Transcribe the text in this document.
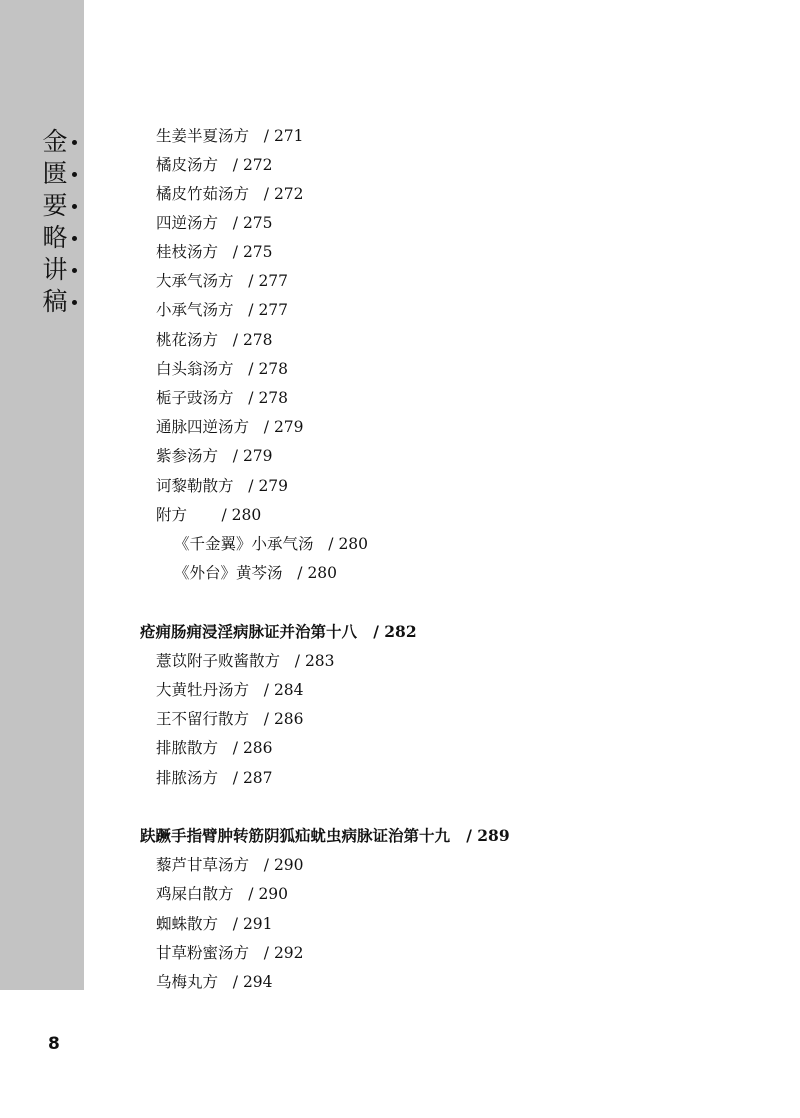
金
匮
要
略
讲
稿
生姜半夏汤方 / 271
橘皮汤方 / 272
橘皮竹茹汤方 / 272
四逆汤方 / 275
桂枝汤方 / 275
大承气汤方 / 277
小承气汤方 / 277
桃花汤方 / 278
白头翁汤方 / 278
栀子豉汤方 / 278
通脉四逆汤方 / 279
紫参汤方 / 279
诃黎勒散方 / 279
附方 / 280
《千金翼》小承气汤 / 280
《外台》黄芩汤 / 280
疮痈肠痈浸淫病脉证并治第十八 / 282
薏苡附子败酱散方 / 283
大黄牡丹汤方 / 284
王不留行散方 / 286
排脓散方 / 286
排脓汤方 / 287
趺蹶手指臂肿转筋阴狐疝蚘虫病脉证治第十九 / 289
藜芦甘草汤方 / 290
鸡屎白散方 / 290
蜘蛛散方 / 291
甘草粉蜜汤方 / 292
乌梅丸方 / 294
8
